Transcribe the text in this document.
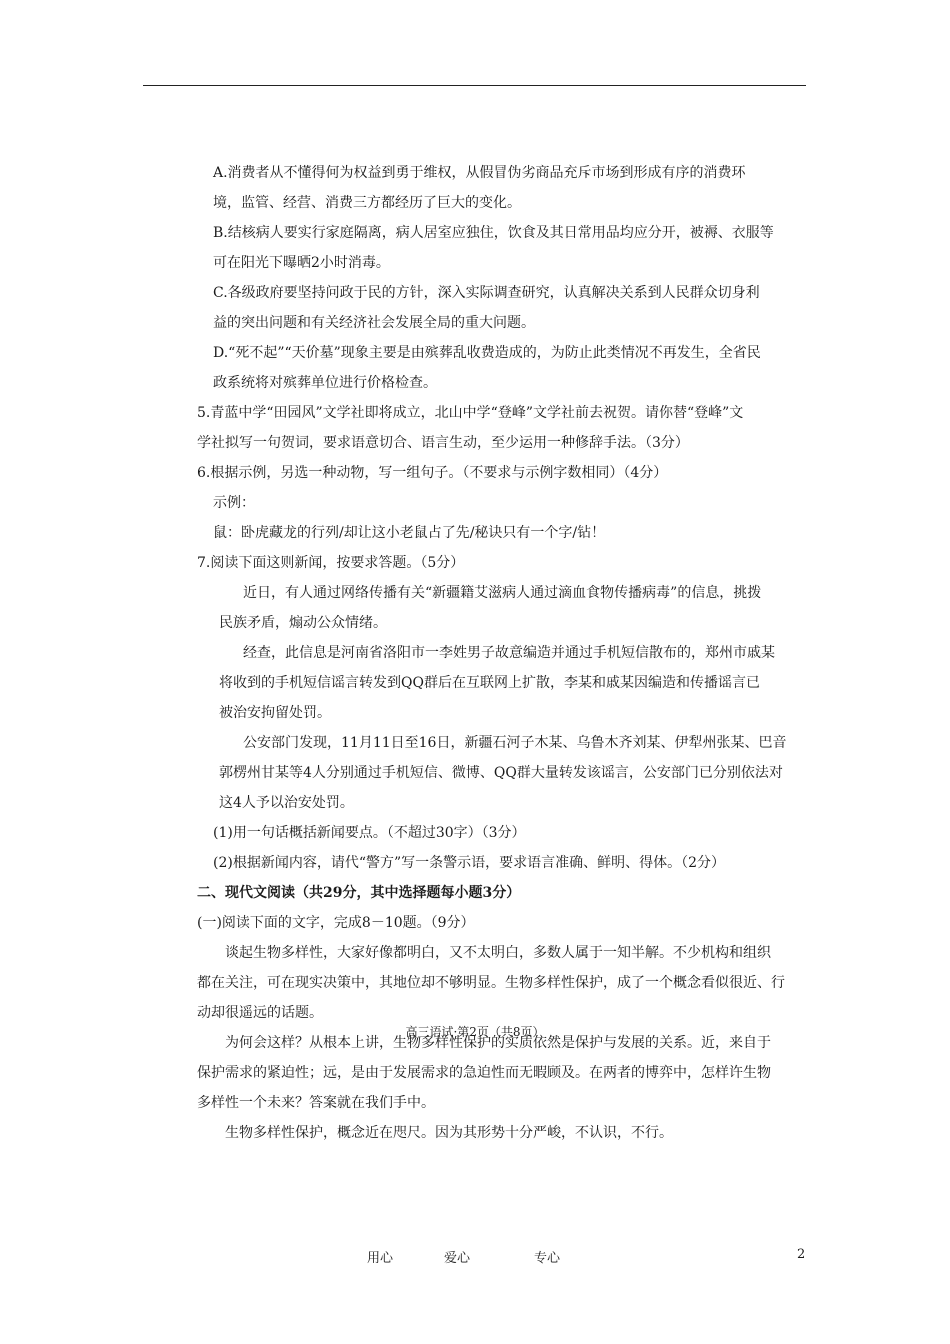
A.消费者从不懂得何为权益到勇于维权，从假冒伪劣商品充斥市场到形成有序的消费环
境，监管、经营、消费三方都经历了巨大的变化。
B.结核病人要实行家庭隔离，病人居室应独住，饮食及其日常用品均应分开，被褥、衣服等
可在阳光下曝晒2小时消毒。
C.各级政府要坚持问政于民的方针，深入实际调查研究，认真解决关系到人民群众切身利
益的突出问题和有关经济社会发展全局的重大问题。
D.“死不起”“天价墓”现象主要是由殡葬乱收费造成的，为防止此类情况不再发生，全省民
政系统将对殡葬单位进行价格检查。
5.青蓝中学“田园风”文学社即将成立，北山中学“登峰”文学社前去祝贺。请你替“登峰”文
学社拟写一句贺词，要求语意切合、语言生动，至少运用一种修辞手法。（3分）
6.根据示例，另选一种动物，写一组句子。（不要求与示例字数相同）（4分）
示例：
鼠：卧虎藏龙的行列/却让这小老鼠占了先/秘诀只有一个字/钻！
7.阅读下面这则新闻，按要求答题。（5分）
近日，有人通过网络传播有关“新疆籍艾滋病人通过滴血食物传播病毒”的信息，挑拨
民族矛盾，煽动公众情绪。
经查，此信息是河南省洛阳市一李姓男子故意编造并通过手机短信散布的，郑州市戚某
将收到的手机短信谣言转发到QQ群后在互联网上扩散，李某和戚某因编造和传播谣言已
被治安拘留处罚。
公安部门发现，11月11日至16日，新疆石河子木某、乌鲁木齐刘某、伊犁州张某、巴音
郭楞州甘某等4人分别通过手机短信、微博、QQ群大量转发该谣言，公安部门已分别依法对
这4人予以治安处罚。
(1)用一句话概括新闻要点。（不超过30字）（3分）
(2)根据新闻内容，请代“警方”写一条警示语，要求语言准确、鲜明、得体。（2分）
二、现代文阅读（共29分，其中选择题每小题3分）
(一)阅读下面的文字，完成8－10题。（9分）
谈起生物多样性，大家好像都明白，又不太明白，多数人属于一知半解。不少机构和组织
都在关注，可在现实决策中，其地位却不够明显。生物多样性保护，成了一个概念看似很近、行
动却很遥远的话题。
为何会这样？从根本上讲，生物多样性保护的实质依然是保护与发展的关系。近，来自于
保护需求的紧迫性；远，是由于发展需求的急迫性而无暇顾及。在两者的博弈中，怎样许生物
多样性一个未来？答案就在我们手中。
生物多样性保护，概念近在咫尺。因为其形势十分严峻，不认识，不行。
高三语试·第2页（共8页）
用心	爱心	专心	2
